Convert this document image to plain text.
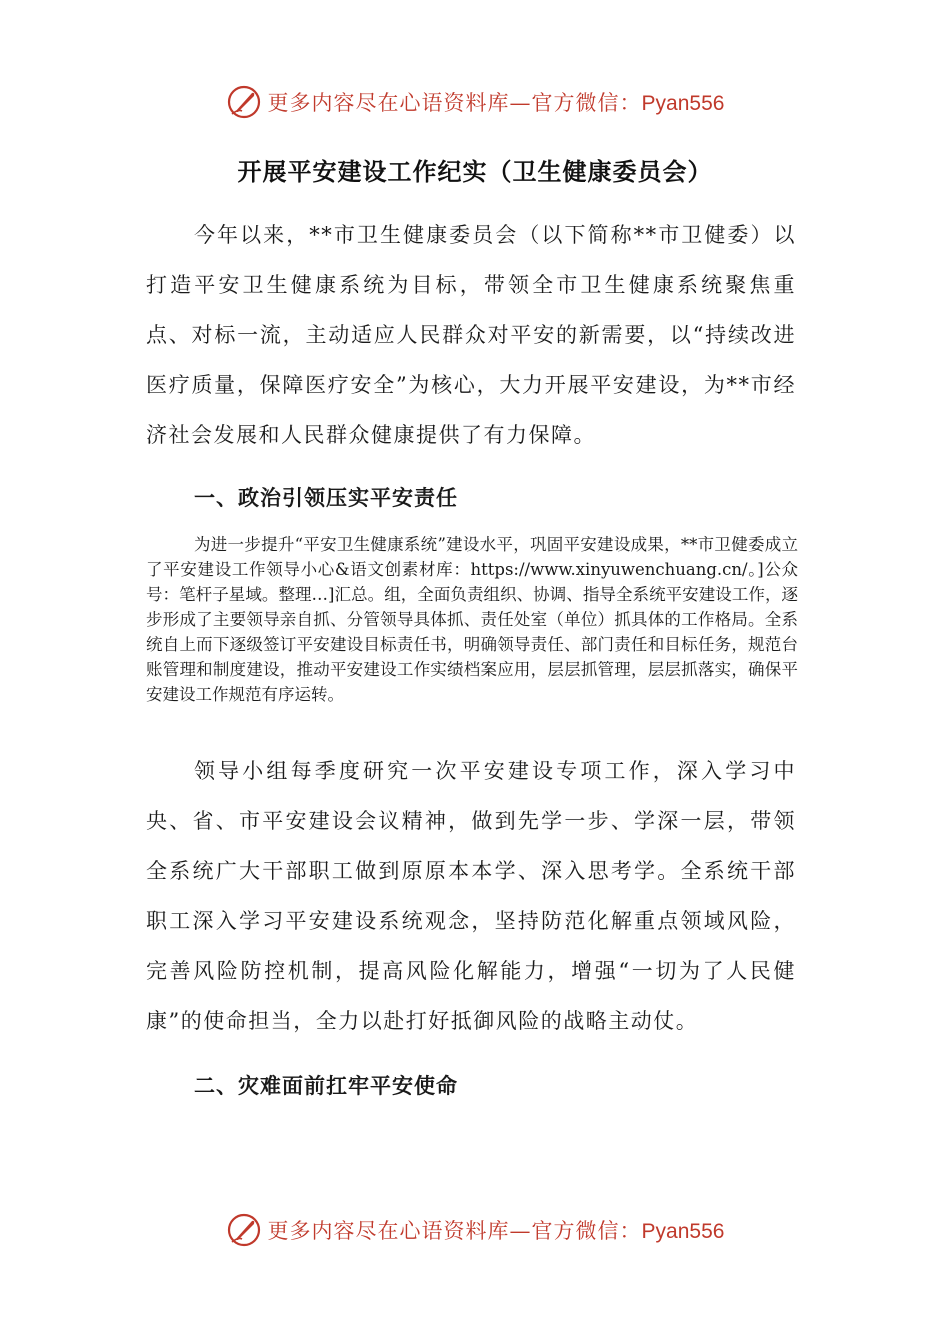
更多内容尽在心语资料库—官方微信：Pyan556
开展平安建设工作纪实（卫生健康委员会）

今年以来，**市卫生健康委员会（以下简称**市卫健委）以打造平安卫生健康系统为目标，带领全市卫生健康系统聚焦重点、对标一流，主动适应人民群众对平安的新需要，以“持续改进医疗质量，保障医疗安全”为核心，大力开展平安建设，为**市经济社会发展和人民群众健康提供了有力保障。

一、政治引领压实平安责任

为进一步提升“平安卫生健康系统”建设水平，巩固平安建设成果，**市卫健委成立了平安建设工作领导小心&语文创素材库：https://www.xinyuwenchuang.cn/。]公众号：笔杆子星域。整理…]汇总。组，全面负责组织、协调、指导全系统平安建设工作，逐步形成了主要领导亲自抓、分管领导具体抓、责任处室（单位）抓具体的工作格局。全系统自上而下逐级签订平安建设目标责任书，明确领导责任、部门责任和目标任务，规范台账管理和制度建设，推动平安建设工作实绩档案应用，层层抓管理，层层抓落实，确保平安建设工作规范有序运转。

领导小组每季度研究一次平安建设专项工作，深入学习中央、省、市平安建设会议精神，做到先学一步、学深一层，带领全系统广大干部职工做到原原本本学、深入思考学。全系统干部职工深入学习平安建设系统观念，坚持防范化解重点领域风险，完善风险防控机制，提高风险化解能力，增强“一切为了人民健康”的使命担当，全力以赴打好抵御风险的战略主动仗。

二、灾难面前扛牢平安使命
更多内容尽在心语资料库—官方微信：Pyan556
